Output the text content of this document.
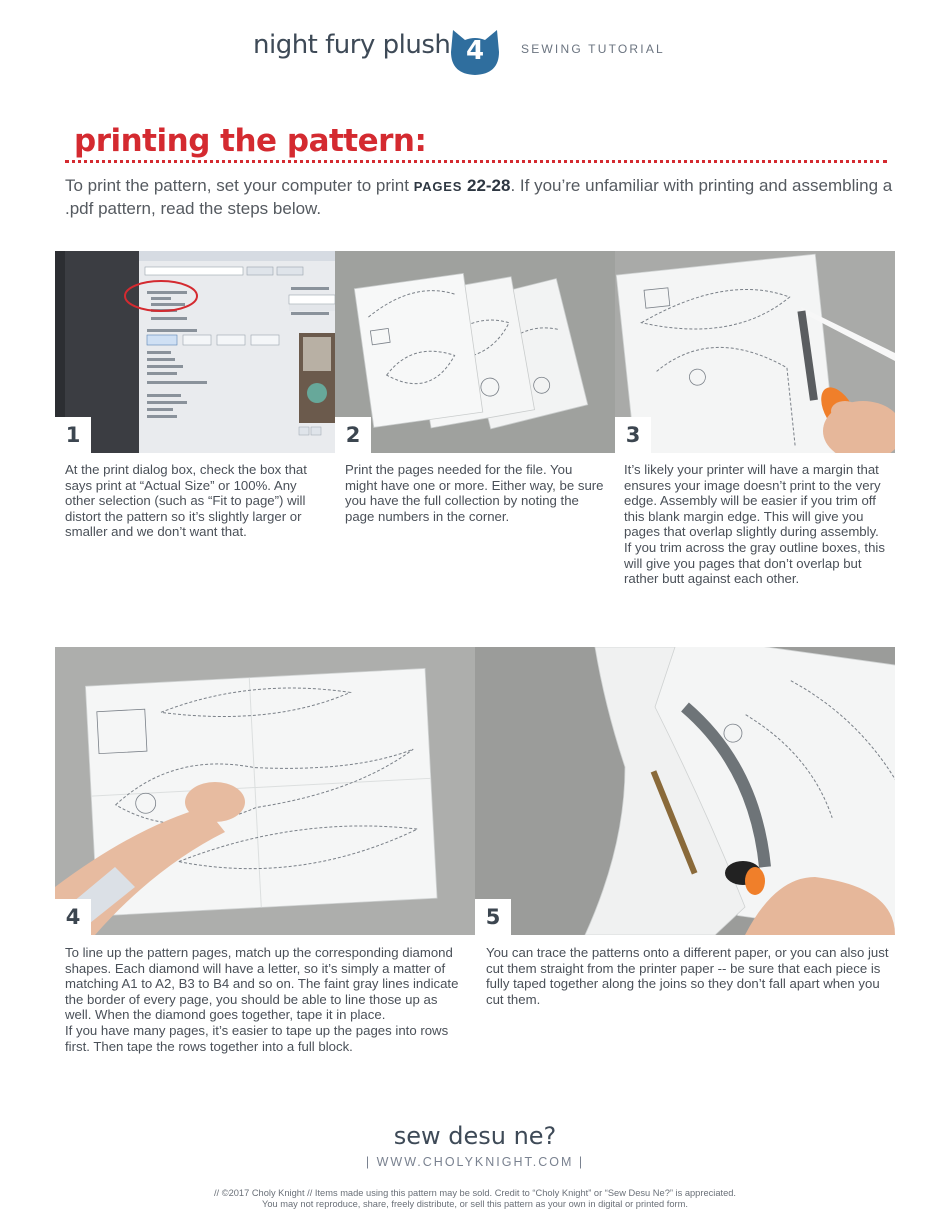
night fury plush 4	SEWING TUTORIAL
printing the pattern:
To print the pattern, set your computer to print PAGES 22-28. If you’re unfamiliar with printing and assembling a .pdf pattern, read the steps below.
1	2	3
At the print dialog box, check the box that says print at “Actual Size” or 100%. Any other selection (such as “Fit to page”) will distort the pattern so it’s slightly larger or smaller and we don’t want that.
Print the pages needed for the file. You might have one or more. Either way, be sure you have the full collection by noting the page numbers in the corner.
It’s likely your printer will have a margin that ensures your image doesn’t print to the very edge. Assembly will be easier if you trim off this blank margin edge. This will give you pages that overlap slightly during assembly. If you trim across the gray outline boxes, this will give you pages that don’t overlap but rather butt against each other.
4	5
To line up the pattern pages, match up the corresponding diamond shapes. Each diamond will have a letter, so it’s simply a matter of matching A1 to A2, B3 to B4 and so on. The faint gray lines indicate the border of every page, you should be able to line those up as well. When the diamond goes together, tape it in place.
If you have many pages, it’s easier to tape up the pages into rows first. Then tape the rows together into a full block.
You can trace the patterns onto a different paper, or you can also just cut them straight from the printer paper -- be sure that each piece is fully taped together along the joins so they don’t fall apart when you cut them.
sew desu ne?
| WWW.CHOLYKNIGHT.COM |
// ©2017 Choly Knight // Items made using this pattern may be sold. Credit to “Choly Knight” or “Sew Desu Ne?” is appreciated.
You may not reproduce, share, freely distribute, or sell this pattern as your own in digital or printed form.
